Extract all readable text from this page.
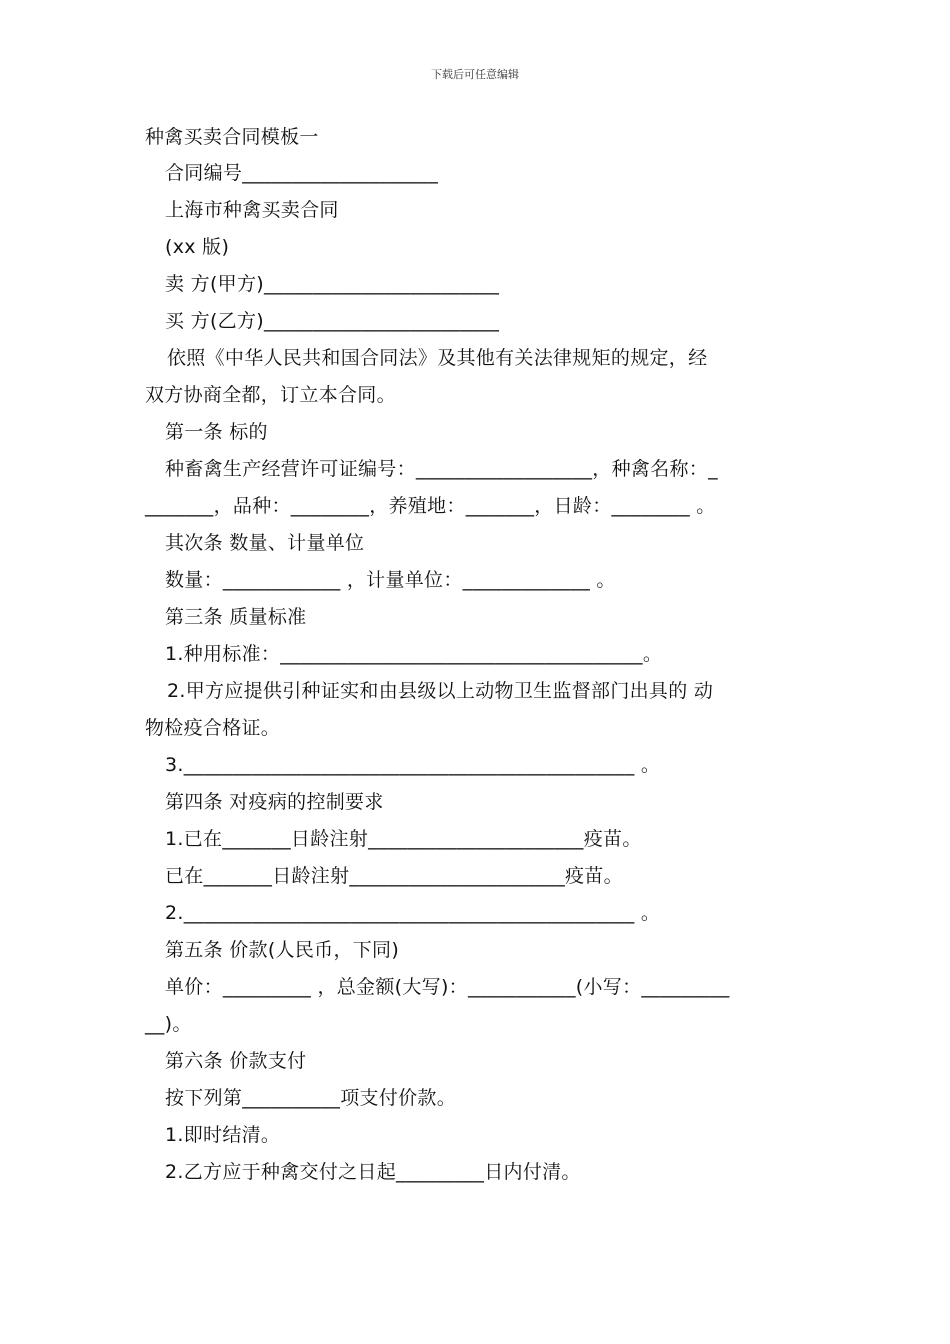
下载后可任意编辑
种禽买卖合同模板一
合同编号____________________
上海市种禽买卖合同
(xx 版)
卖 方(甲方)________________________
买 方(乙方)________________________
依照《中华人民共和国合同法》及其他有关法律规矩的规定，经
双方协商全都，订立本合同。
第一条 标的
种畜禽生产经营许可证编号：__________________，种禽名称：_
_______，品种：________，养殖地：_______，日龄：________ 。
其次条 数量、计量单位
数量：____________ ，计量单位：_____________ 。
第三条 质量标准
1.种用标准：_____________________________________。
2.甲方应提供引种证实和由县级以上动物卫生监督部门出具的 动
物检疫合格证。
3.______________________________________________ 。
第四条 对疫病的控制要求
1.已在_______日龄注射______________________疫苗。
已在_______日龄注射______________________疫苗。
2.______________________________________________ 。
第五条 价款(人民币，下同)
单价：_________ ，总金额(大写)：___________(小写：_________
__)。
第六条 价款支付
按下列第__________项支付价款。
1.即时结清。
2.乙方应于种禽交付之日起_________日内付清。
